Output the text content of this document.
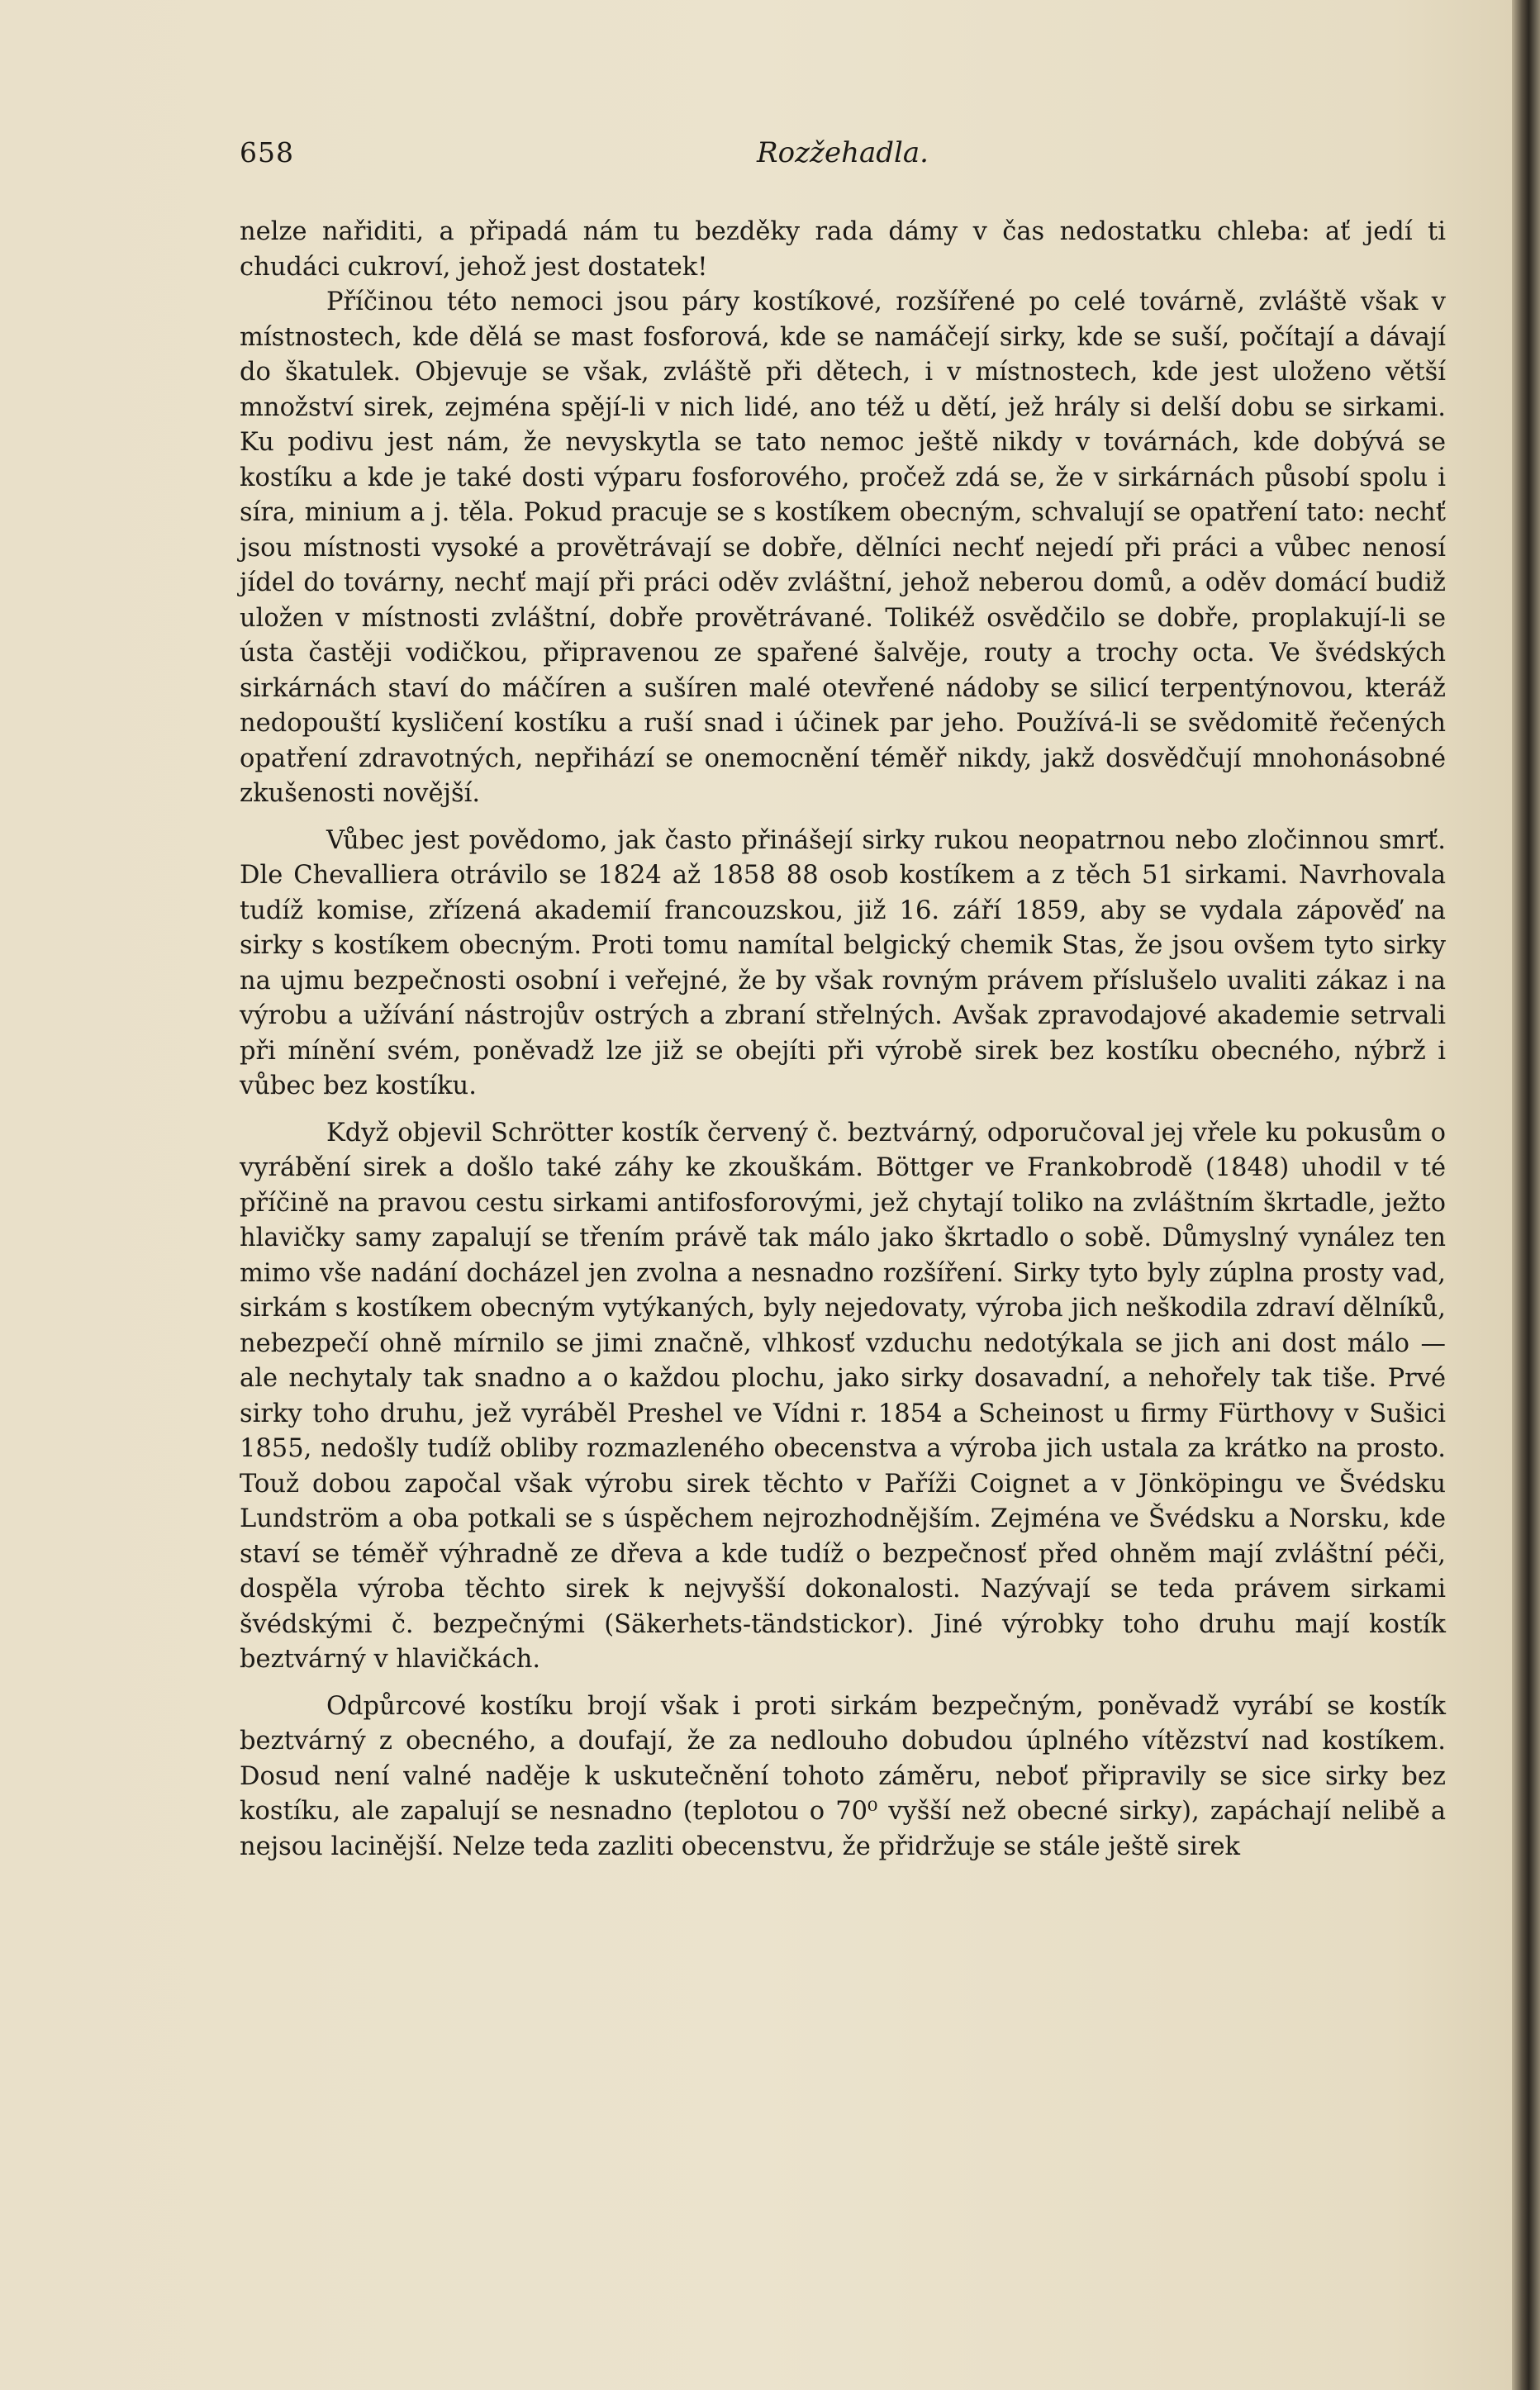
658	Rozžehadla.

nelze nařiditi, a připadá nám tu bezděky rada dámy v čas nedostatku chleba: ať jedí ti chudáci cukroví, jehož jest dostatek!

Příčinou této nemoci jsou páry kostíkové, rozšířené po celé továrně, zvláště však v místnostech, kde dělá se mast fosforová, kde se namáčejí sirky, kde se suší, počítají a dávají do škatulek. Objevuje se však, zvláště při dětech, i v místnostech, kde jest uloženo větší množství sirek, zejména spějí-li v nich lidé, ano též u dětí, jež hrály si delší dobu se sirkami. Ku podivu jest nám, že nevyskytla se tato nemoc ještě nikdy v továrnách, kde dobývá se kostíku a kde je také dosti výparu fosforového, pročež zdá se, že v sirkárnách působí spolu i síra, minium a j. těla. Pokud pracuje se s kostíkem obecným, schvalují se opatření tato: nechť jsou místnosti vysoké a provětrávají se dobře, dělníci nechť nejedí při práci a vůbec nenosí jídel do továrny, nechť mají při práci oděv zvláštní, jehož neberou domů, a oděv domácí budiž uložen v místnosti zvláštní, dobře provětrávané. Tolikéž osvědčilo se dobře, proplakují-li se ústa častěji vodičkou, připravenou ze spařené šalvěje, routy a trochy octa. Ve švédských sirkárnách staví do máčíren a sušíren malé otevřené nádoby se silicí terpentýnovou, kteráž nedopouští kysličení kostíku a ruší snad i účinek par jeho. Používá-li se svědomitě řečených opatření zdravotných, nepřihází se onemocnění téměř nikdy, jakž dosvědčují mnohonásobné zkušenosti novější.

Vůbec jest povědomo, jak často přinášejí sirky rukou neopatrnou nebo zločinnou smrť. Dle Chevalliera otrávilo se 1824 až 1858 88 osob kostíkem a z těch 51 sirkami. Navrhovala tudíž komise, zřízená akademií francouzskou, již 16. září 1859, aby se vydala zápověď na sirky s kostíkem obecným. Proti tomu namítal belgický chemik Stas, že jsou ovšem tyto sirky na ujmu bezpečnosti osobní i veřejné, že by však rovným právem příslušelo uvaliti zákaz i na výrobu a užívání nástrojův ostrých a zbraní střelných. Avšak zpravodajové akademie setrvali při mínění svém, poněvadž lze již se obejíti při výrobě sirek bez kostíku obecného, nýbrž i vůbec bez kostíku.

Když objevil Schrötter kostík červený č. beztvárný, odporučoval jej vřele ku pokusům o vyrábění sirek a došlo také záhy ke zkouškám. Böttger ve Frankobrodě (1848) uhodil v té příčině na pravou cestu sirkami antifosforovými, jež chytají toliko na zvláštním škrtadle, ježto hlavičky samy zapalují se třením právě tak málo jako škrtadlo o sobě. Důmyslný vynález ten mimo vše nadání docházel jen zvolna a nesnadno rozšíření. Sirky tyto byly zúplna prosty vad, sirkám s kostíkem obecným vytýkaných, byly nejedovaty, výroba jich neškodila zdraví dělníků, nebezpečí ohně mírnilo se jimi značně, vlhkosť vzduchu nedotýkala se jich ani dost málo — ale nechytaly tak snadno a o každou plochu, jako sirky dosavadní, a nehořely tak tiše. Prvé sirky toho druhu, jež vyráběl Preshel ve Vídni r. 1854 a Scheinost u firmy Fürthovy v Sušici 1855, nedošly tudíž obliby rozmazleného obecenstva a výroba jich ustala za krátko na prosto. Touž dobou započal však výrobu sirek těchto v Paříži Coignet a v Jönköpingu ve Švédsku Lundström a oba potkali se s úspěchem nejrozhodnějším. Zejména ve Švédsku a Norsku, kde staví se téměř výhradně ze dřeva a kde tudíž o bezpečnosť před ohněm mají zvláštní péči, dospěla výroba těchto sirek k nejvyšší dokonalosti. Nazývají se teda právem sirkami švédskými č. bezpečnými (Säkerhets-tändstickor). Jiné výrobky toho druhu mají kostík beztvárný v hlavičkách.

Odpůrcové kostíku brojí však i proti sirkám bezpečným, poněvadž vyrábí se kostík beztvárný z obecného, a doufají, že za nedlouho dobudou úplného vítězství nad kostíkem. Dosud není valné naděje k uskutečnění tohoto záměru, neboť připravily se sice sirky bez kostíku, ale zapalují se nesnadno (teplotou o 70⁰ vyšší než obecné sirky), zapáchají nelibě a nejsou lacinější. Nelze teda zazliti obecenstvu, že přidržuje se stále ještě sirek
